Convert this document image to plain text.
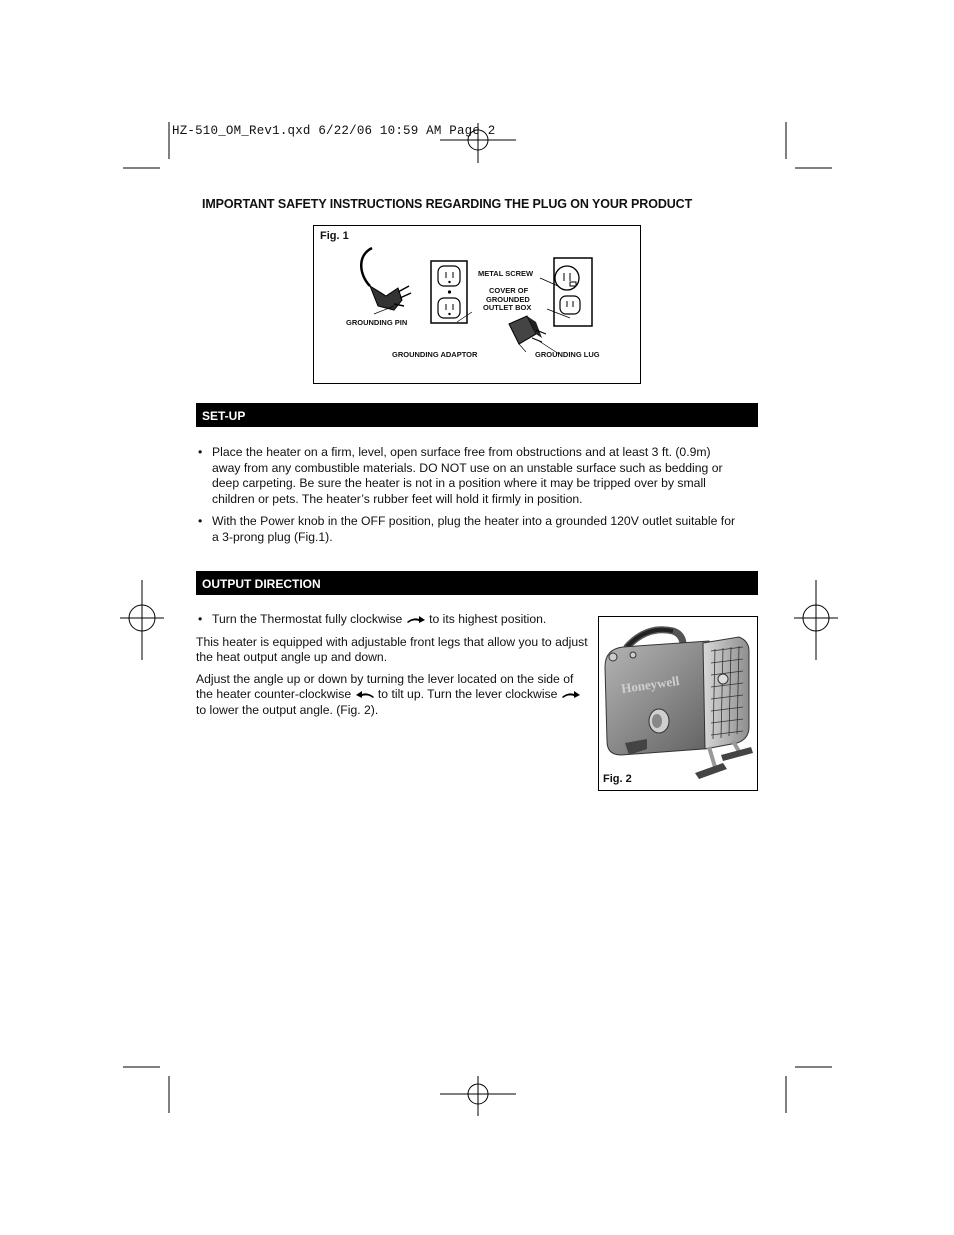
HZ-510_OM_Rev1.qxd 6/22/06 10:59 AM Page 2
IMPORTANT SAFETY INSTRUCTIONS REGARDING THE PLUG ON YOUR PRODUCT
Fig. 1
GROUNDING PIN
METAL SCREW
COVER OF
GROUNDED
OUTLET BOX
GROUNDING ADAPTOR	GROUNDING LUG
SET-UP
• Place the heater on a firm, level, open surface free from obstructions and at least 3 ft. (0.9m) away from any combustible materials. DO NOT use on an unstable surface such as bedding or deep carpeting. Be sure the heater is not in a position where it may be tripped over by small children or pets. The heater’s rubber feet will hold it firmly in position.
• With the Power knob in the OFF position, plug the heater into a grounded 120V outlet suitable for a 3-prong plug (Fig.1).
OUTPUT DIRECTION
• Turn the Thermostat fully clockwise to its highest position.

This heater is equipped with adjustable front legs that allow you to adjust the heat output angle up and down.

Adjust the angle up or down by turning the lever located on the side of the heater counter-clockwise to tilt up. Turn the lever clockwise  to lower the output angle. (Fig. 2).

Honeywell
Fig. 2
